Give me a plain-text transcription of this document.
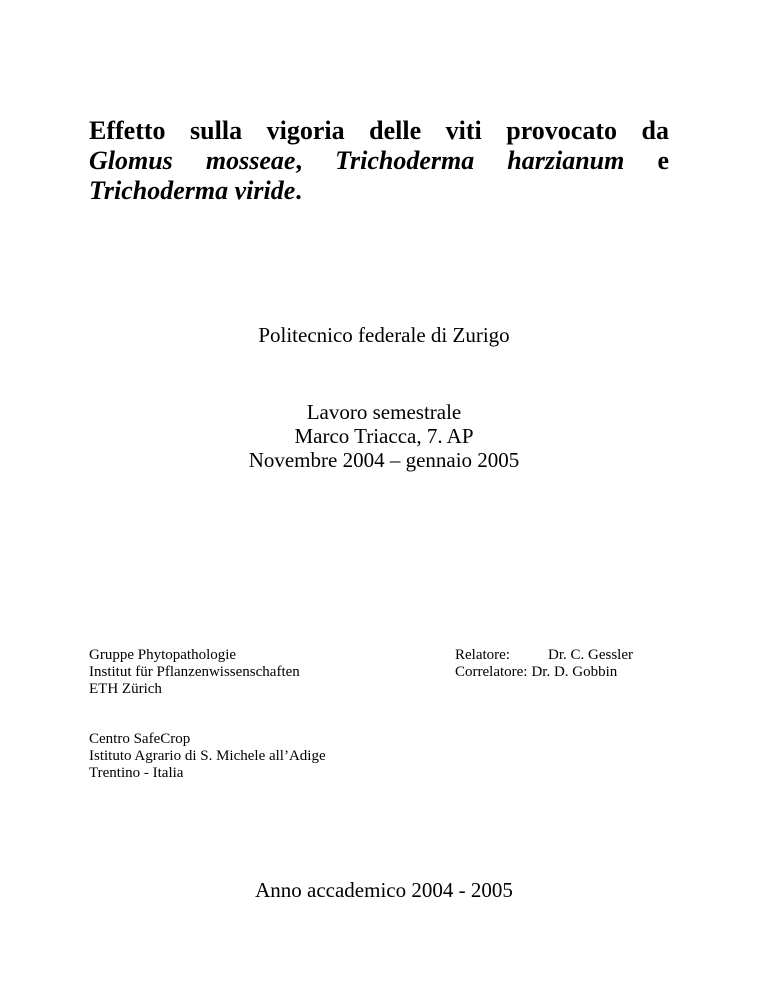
Effetto sulla vigoria delle viti provocato da
Glomus mosseae, Trichoderma harzianum e
Trichoderma viride.
Politecnico federale di Zurigo
Lavoro semestrale
Marco Triacca, 7. AP
Novembre 2004 – gennaio 2005
Gruppe Phytopathologie
Institut für Pflanzenwissenschaften
ETH Zürich
Relatore:	Dr. C. Gessler
Correlatore: Dr. D. Gobbin
Centro SafeCrop
Istituto Agrario di S. Michele all’Adige
Trentino - Italia
Anno accademico 2004 - 2005
